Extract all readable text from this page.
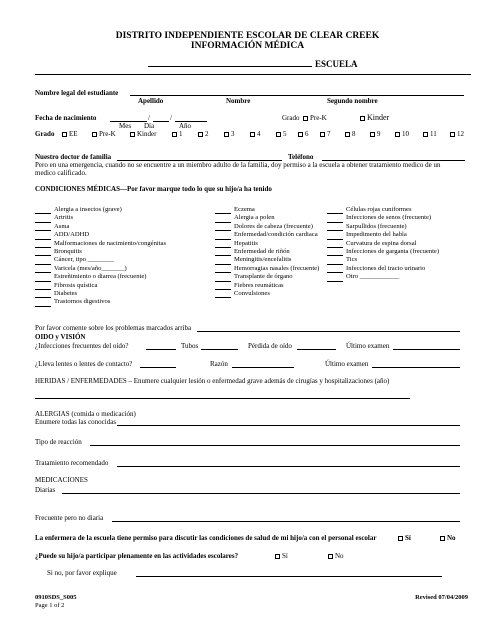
DISTRITO INDEPENDIENTE ESCOLAR DE CLEAR CREEK
INFORMACIÓN MÉDICA
ESCUELA
Nombre legal del estudiante
Apellido	Nombre	Segundo nombre
Fecha de nacimiento	/	/
Mes Día	Año
Grado	Pre-K	Kinder
Grado	EE	Pre-K	Kinder	1	2	3	4	5	6	7	8	9	10	11	12
Nuestro doctor de familia	Teléfono
Pero en una emergencia, cuando no se encuentre a un miembro adulto de la familia, doy permiso a la escuela a obtener tratamiento medico de un
medico calificado.
CONDICIONES MÉDICAS—Por favor marque todo lo que su hijo/a ha tenido
Alergia a insectos (grave)
Artritis
Asma
ADD/ADHD
Malformaciones de nacimiento/congénitas
Bronquitis
Cáncer, tipo ________
Varicela (mes/año_______)
Estreñimiento o diarrea (frecuente)
Fibrosis quística
Diabetes
Trastornos digestivos
Eczema
Alergia a polen
Dolores de cabeza (frecuente)
Enfermedad/condición cardiaca
Hepatitis
Enfermedad de riñón
Meningitis/encefalitis
Hemorragias nasales (frecuente)
Transplante de órgano
Fiebres reumáticas
Convulsiones
Células rojas cuniformes
Infecciones de senos (frecuente)
Sarpullidos (frecuente)
Impedimento del habla
Curvatura de espina dorsal
Infecciones de garganta (frecuente)
Tics
Infecciones del tracto urinario
Otro ____________
Por favor comente sobre los problemas marcados arriba
OIDO y VISIÓN
¿Infecciones frecuentes del oído?	Tubos	Pérdida de oído	Último examen
¿Lleva lentes o lentes de contacto?	Razón	Último examen
HERIDAS / ENFERMEDADES – Enumere cualquier lesión o enfermedad grave además de cirugías y hospitalizaciones (año)
ALERGIAS (comida o medicación)
Enumere todas las conocidas
Tipo de reacción
Tratamiento recomendado
MEDICACIONES
Diarias
Frecuente pero no diaria
La enfermera de la escuela tiene permiso para discutir las condiciones de salud de mi hijo/a con el personal escolar	Sí	No
¿Puede su hijo/a participar plenamente en las actividades escolares?	Sí	No
Si no, por favor explique
0910SDS_S005
Page 1 of 2
Revised 07/04/2009
